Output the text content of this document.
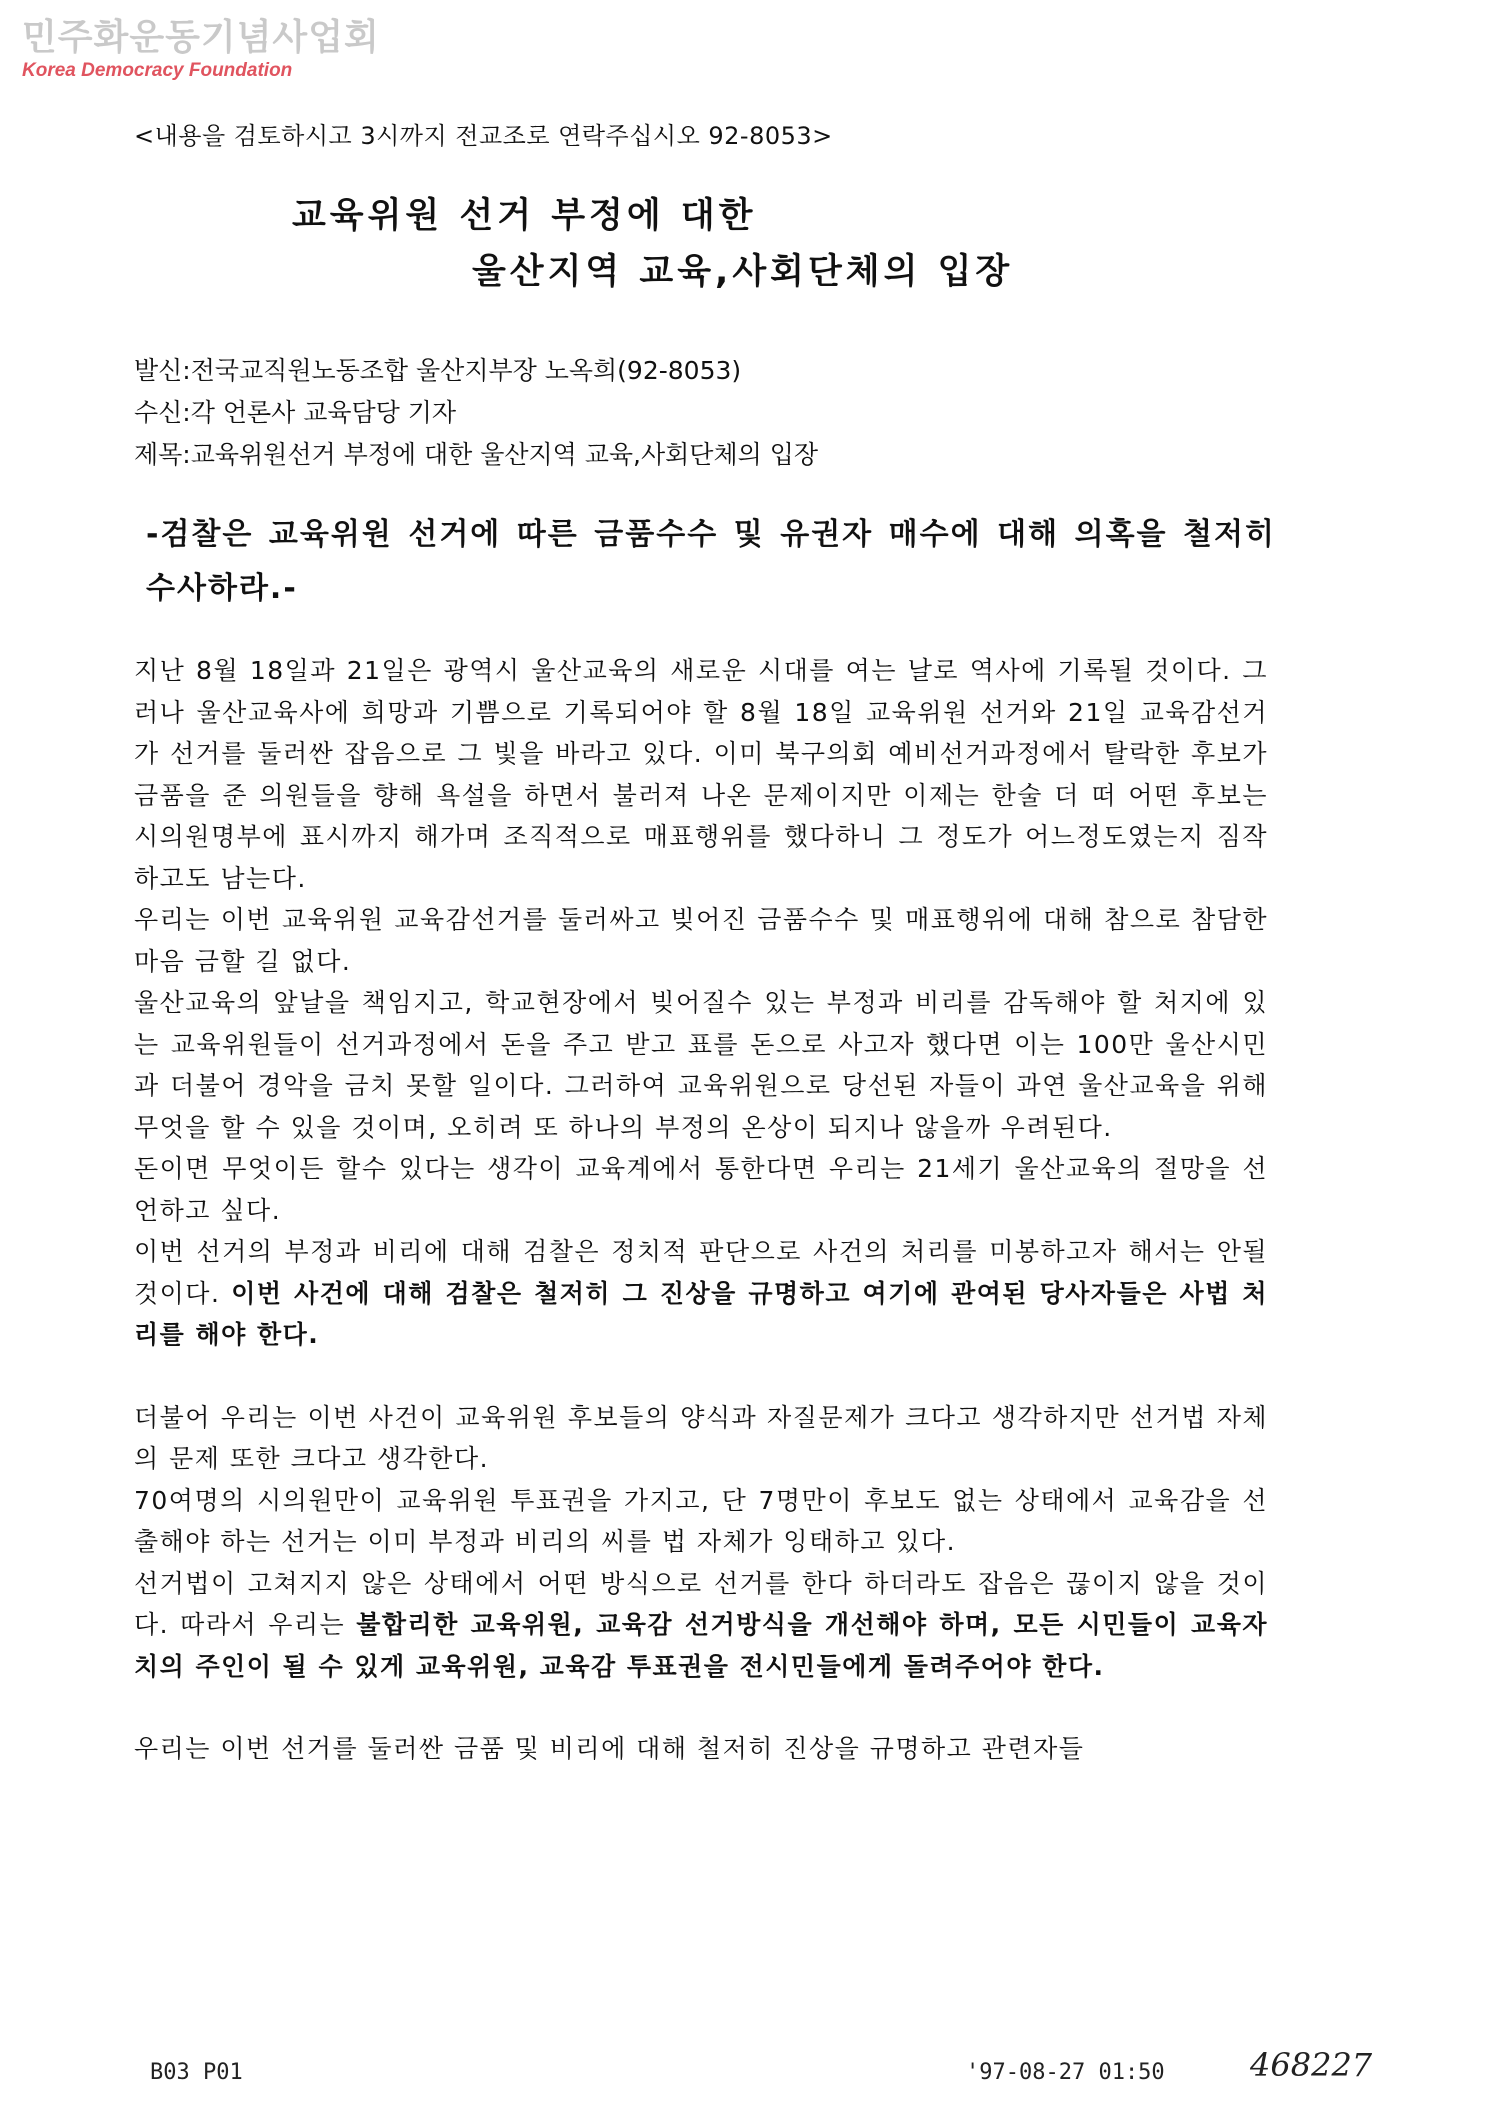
민주화운동기념사업회
Korea Democracy Foundation
<내용을 검토하시고 3시까지 전교조로 연락주십시오 92-8053>
교육위원 선거 부정에 대한
울산지역 교육,사회단체의 입장
발신:전국교직원노동조합 울산지부장 노옥희(92-8053)
수신:각 언론사 교육담당 기자
제목:교육위원선거 부정에 대한 울산지역 교육,사회단체의 입장
-검찰은 교육위원 선거에 따른 금품수수 및 유권자 매수에 대해 의혹을 철저히 수사하라.-

지난 8월 18일과 21일은 광역시 울산교육의 새로운 시대를 여는 날로 역사에 기록될 것이다. 그러나 울산교육사에 희망과 기쁨으로 기록되어야 할 8월 18일 교육위원 선거와 21일 교육감선거가 선거를 둘러싼 잡음으로 그 빛을 바라고 있다. 이미 북구의회 예비선거과정에서 탈락한 후보가 금품을 준 의원들을 향해 욕설을 하면서 불러져 나온 문제이지만 이제는 한술 더 떠 어떤 후보는 시의원명부에 표시까지 해가며 조직적으로 매표행위를 했다하니 그 정도가 어느정도였는지 짐작하고도 남는다.

우리는 이번 교육위원 교육감선거를 둘러싸고 빚어진 금품수수 및 매표행위에 대해 참으로 참담한 마음 금할 길 없다.

울산교육의 앞날을 책임지고, 학교현장에서 빚어질수 있는 부정과 비리를 감독해야 할 처지에 있는 교육위원들이 선거과정에서 돈을 주고 받고 표를 돈으로 사고자 했다면 이는 100만 울산시민과 더불어 경악을 금치 못할 일이다. 그러하여 교육위원으로 당선된 자들이 과연 울산교육을 위해 무엇을 할 수 있을 것이며, 오히려 또 하나의 부정의 온상이 되지나 않을까 우려된다.

돈이면 무엇이든 할수 있다는 생각이 교육계에서 통한다면 우리는 21세기 울산교육의 절망을 선언하고 싶다.

이번 선거의 부정과 비리에 대해 검찰은 정치적 판단으로 사건의 처리를 미봉하고자 해서는 안될 것이다. 이번 사건에 대해 검찰은 철저히 그 진상을 규명하고 여기에 관여된 당사자들은 사법 처리를 해야 한다.

더불어 우리는 이번 사건이 교육위원 후보들의 양식과 자질문제가 크다고 생각하지만 선거법 자체의 문제 또한 크다고 생각한다.

70여명의 시의원만이 교육위원 투표권을 가지고, 단 7명만이 후보도 없는 상태에서 교육감을 선출해야 하는 선거는 이미 부정과 비리의 씨를 법 자체가 잉태하고 있다.

선거법이 고쳐지지 않은 상태에서 어떤 방식으로 선거를 한다 하더라도 잡음은 끊이지 않을 것이다. 따라서 우리는 불합리한 교육위원, 교육감 선거방식을 개선해야 하며, 모든 시민들이 교육자치의 주인이 될 수 있게 교육위원, 교육감 투표권을 전시민들에게 돌려주어야 한다.

우리는 이번 선거를 둘러싼 금품 및 비리에 대해 철저히 진상을 규명하고 관련자들

B03 P01	'97-08-27 01:50	468227
